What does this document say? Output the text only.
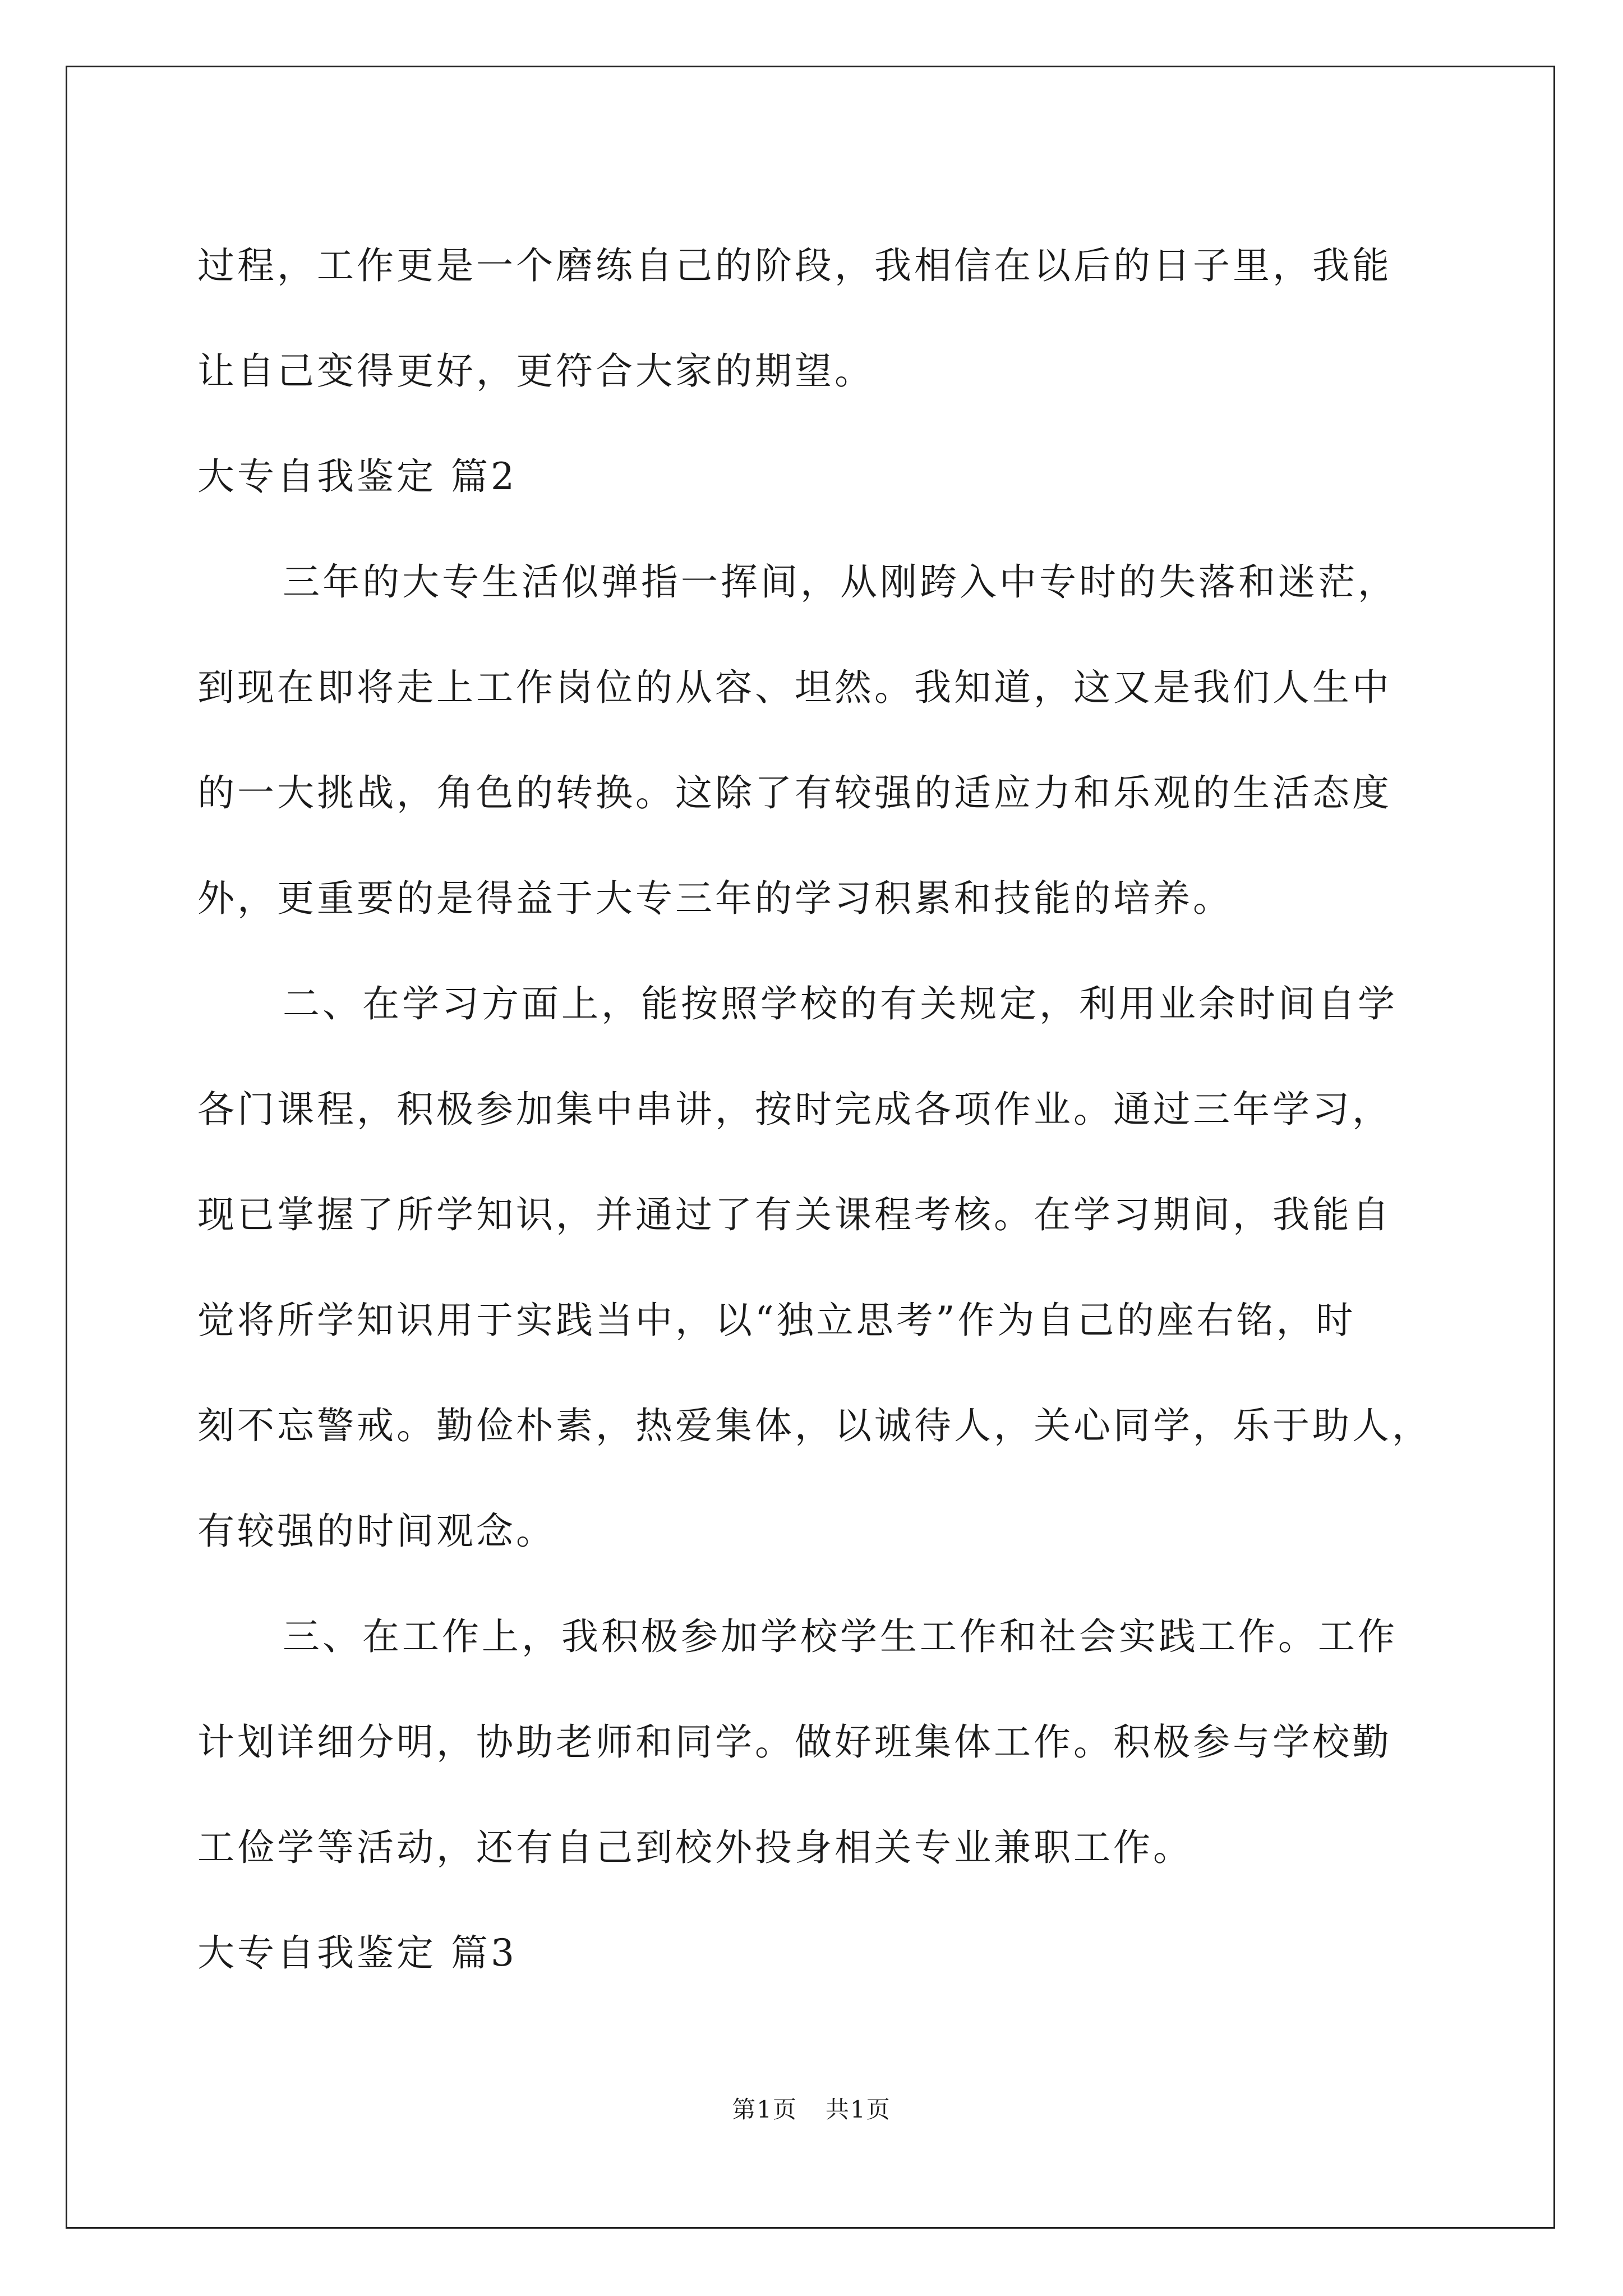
过程，工作更是一个磨练自己的阶段，我相信在以后的日子里，我能

让自己变得更好，更符合大家的期望。

大专自我鉴定 篇2

三年的大专生活似弹指一挥间，从刚跨入中专时的失落和迷茫，

到现在即将走上工作岗位的从容、坦然。我知道，这又是我们人生中

的一大挑战，角色的转换。这除了有较强的适应力和乐观的生活态度

外，更重要的是得益于大专三年的学习积累和技能的培养。

二、在学习方面上，能按照学校的有关规定，利用业余时间自学

各门课程，积极参加集中串讲，按时完成各项作业。通过三年学习，

现已掌握了所学知识，并通过了有关课程考核。在学习期间，我能自

觉将所学知识用于实践当中，以“独立思考”作为自己的座右铭，时

刻不忘警戒。勤俭朴素，热爱集体，以诚待人，关心同学，乐于助人，

有较强的时间观念。

三、在工作上，我积极参加学校学生工作和社会实践工作。工作

计划详细分明，协助老师和同学。做好班集体工作。积极参与学校勤

工俭学等活动，还有自己到校外投身相关专业兼职工作。

大专自我鉴定 篇3

第1页 共1页
